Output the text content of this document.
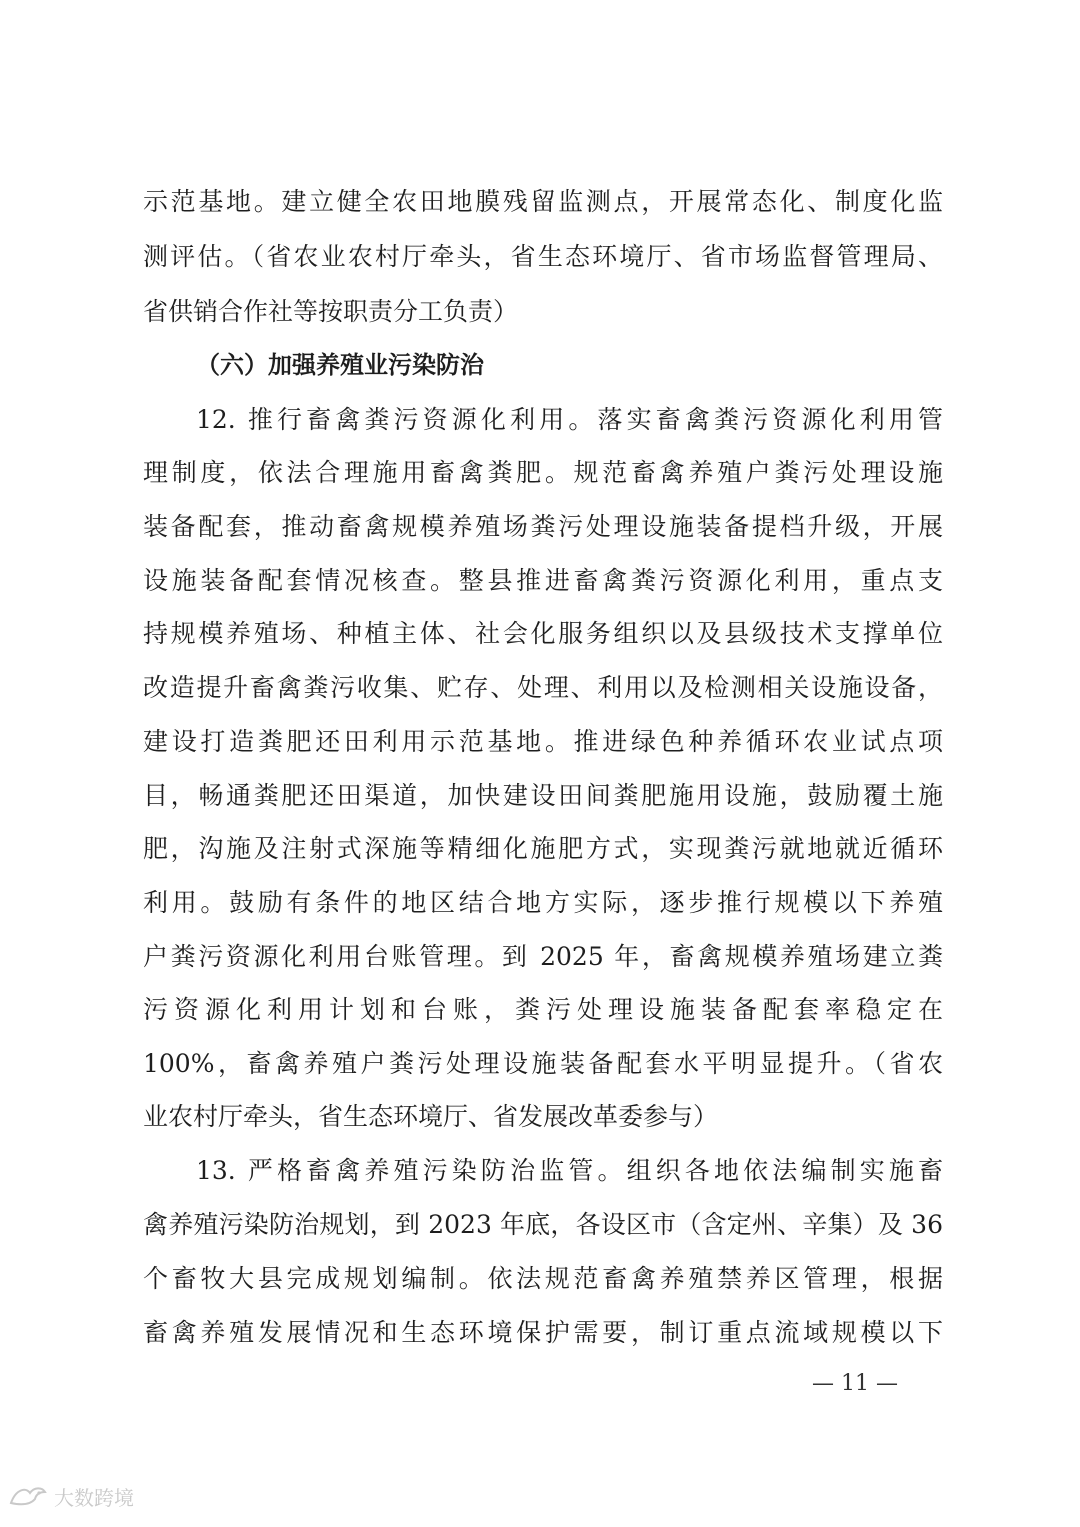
示范基地。建立健全农田地膜残留监测点，开展常态化、制度化监
测评估。（省农业农村厅牵头，省生态环境厅、省市场监督管理局、
省供销合作社等按职责分工负责）
（六）加强养殖业污染防治
12. 推行畜禽粪污资源化利用。落实畜禽粪污资源化利用管
理制度，依法合理施用畜禽粪肥。规范畜禽养殖户粪污处理设施
装备配套，推动畜禽规模养殖场粪污处理设施装备提档升级，开展
设施装备配套情况核查。整县推进畜禽粪污资源化利用，重点支
持规模养殖场、种植主体、社会化服务组织以及县级技术支撑单位
改造提升畜禽粪污收集、贮存、处理、利用以及检测相关设施设备，
建设打造粪肥还田利用示范基地。推进绿色种养循环农业试点项
目，畅通粪肥还田渠道，加快建设田间粪肥施用设施，鼓励覆土施
肥，沟施及注射式深施等精细化施肥方式，实现粪污就地就近循环
利用。鼓励有条件的地区结合地方实际，逐步推行规模以下养殖
户粪污资源化利用台账管理。到 2025 年，畜禽规模养殖场建立粪
污资源化利用计划和台账，粪污处理设施装备配套率稳定在
100%，畜禽养殖户粪污处理设施装备配套水平明显提升。（省农
业农村厅牵头，省生态环境厅、省发展改革委参与）
13. 严格畜禽养殖污染防治监管。组织各地依法编制实施畜
禽养殖污染防治规划，到 2023 年底，各设区市（含定州、辛集）及 36
个畜牧大县完成规划编制。依法规范畜禽养殖禁养区管理，根据
畜禽养殖发展情况和生态环境保护需要，制订重点流域规模以下
— 11 —
大数跨境
